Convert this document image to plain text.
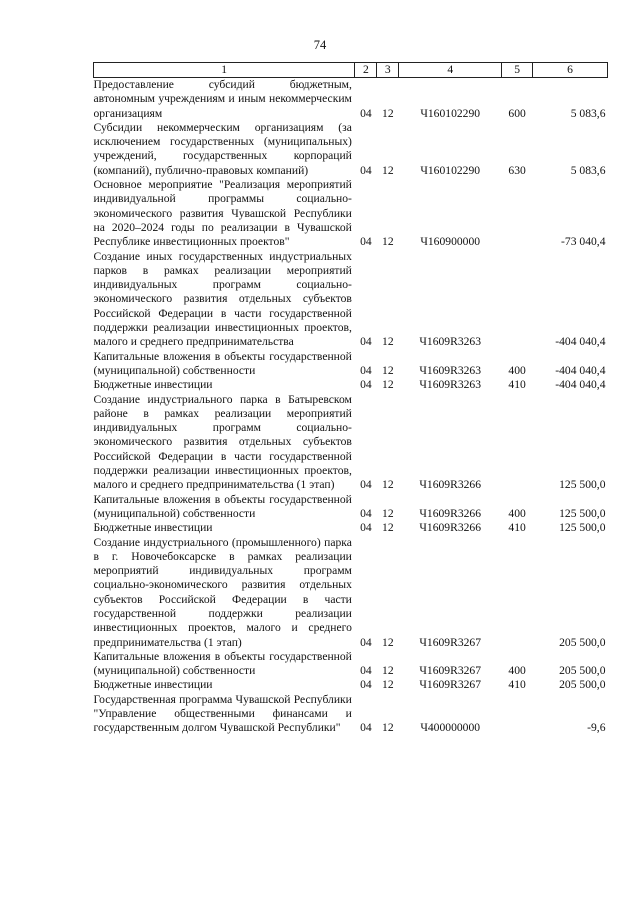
74
1	2	3	4	5	6
Предоставление субсидий бюджетным, автономным учреждениям и иным некоммерческим организациям	04	12	Ч160102290	600	5 083,6
Субсидии некоммерческим организациям (за исключением государственных (муниципальных) учреждений, государственных корпораций (компаний), публично-правовых компаний)	04	12	Ч160102290	630	5 083,6
Основное мероприятие "Реализация мероприятий индивидуальной программы социально-экономического развития Чувашской Республики на 2020–2024 годы по реализации в Чувашской Республике инвестиционных проектов"	04	12	Ч160900000		-73 040,4
Создание иных государственных индустриальных парков в рамках реализации мероприятий индивидуальных программ социально-экономического развития отдельных субъектов Российской Федерации в части государственной поддержки реализации инвестиционных проектов, малого и среднего предпринимательства	04	12	Ч1609R3263		-404 040,4
Капитальные вложения в объекты государственной (муниципальной) собственности	04	12	Ч1609R3263	400	-404 040,4
Бюджетные инвестиции	04	12	Ч1609R3263	410	-404 040,4
Создание индустриального парка в Батыревском районе в рамках реализации мероприятий индивидуальных программ социально-экономического развития отдельных субъектов Российской Федерации в части государственной поддержки реализации инвестиционных проектов, малого и среднего предпринимательства (1 этап)	04	12	Ч1609R3266		125 500,0
Капитальные вложения в объекты государственной (муниципальной) собственности	04	12	Ч1609R3266	400	125 500,0
Бюджетные инвестиции	04	12	Ч1609R3266	410	125 500,0
Создание индустриального (промышленного) парка в г. Новочебоксарске в рамках реализации мероприятий индивидуальных программ социально-экономического развития отдельных субъектов Российской Федерации в части государственной поддержки реализации инвестиционных проектов, малого и среднего предпринимательства (1 этап)	04	12	Ч1609R3267		205 500,0
Капитальные вложения в объекты государственной (муниципальной) собственности	04	12	Ч1609R3267	400	205 500,0
Бюджетные инвестиции	04	12	Ч1609R3267	410	205 500,0
Государственная программа Чувашской Республики "Управление общественными финансами и государственным долгом Чувашской Республики"	04	12	Ч400000000		-9,6
